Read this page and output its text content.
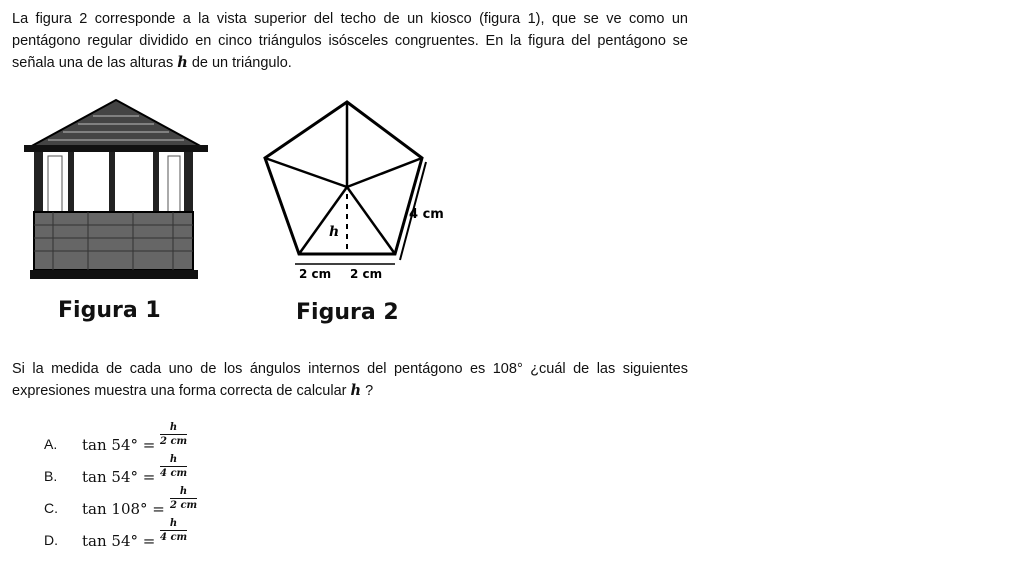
La figura 2 corresponde a la vista superior del techo de un kiosco (figura 1), que se ve como un pentágono regular dividido en cinco triángulos isósceles congruentes. En la figura del pentágono se señala una de las alturas h de un triángulo.

Figura 1
4 cm
2 cm 2 cm
h
Figura 2

Si la medida de cada uno de los ángulos internos del pentágono es 108° ¿cuál de las siguientes expresiones muestra una forma correcta de calcular h ?

A. $\tan 54^\circ = \frac{h}{2 cm}$
B. $\tan 54^\circ = \frac{h}{4 cm}$
C. $\tan 108^\circ = \frac{h}{2 cm}$
D. $\tan 54^\circ = \frac{h}{4 cm}$
